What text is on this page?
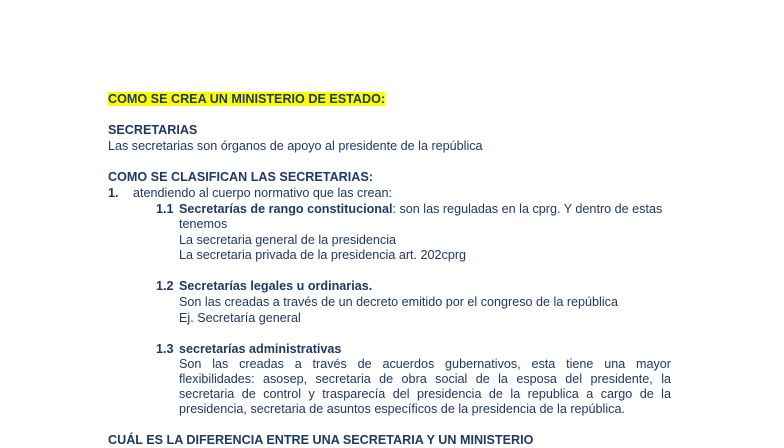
COMO SE CREA UN MINISTERIO DE ESTADO:
SECRETARIAS
Las secretarias son órganos de apoyo al presidente de la república
COMO SE CLASIFICAN LAS SECRETARIAS:
1. atendiendo al cuerpo normativo que las crean:
1.1 Secretarías de rango constitucional: son las reguladas en la cprg. Y dentro de estas
tenemos
La secretaria general de la presidencia
La secretaria privada de la presidencia art. 202cprg
1.2 Secretarías legales u ordinarias.
Son las creadas a través de un decreto emitido por el congreso de la república
Ej. Secretaría general
1.3 secretarías administrativas
Son las creadas a través de acuerdos gubernativos, esta tiene una mayor
flexibilidades: asosep, secretaria de obra social de la esposa del presidente, la
secretaria de control y trasparecía del presidencia de la republica a cargo de la
presidencia, secretaria de asuntos específicos de la presidencia de la república.
CUÁL ES LA DIFERENCIA ENTRE UNA SECRETARIA Y UN MINISTERIO
